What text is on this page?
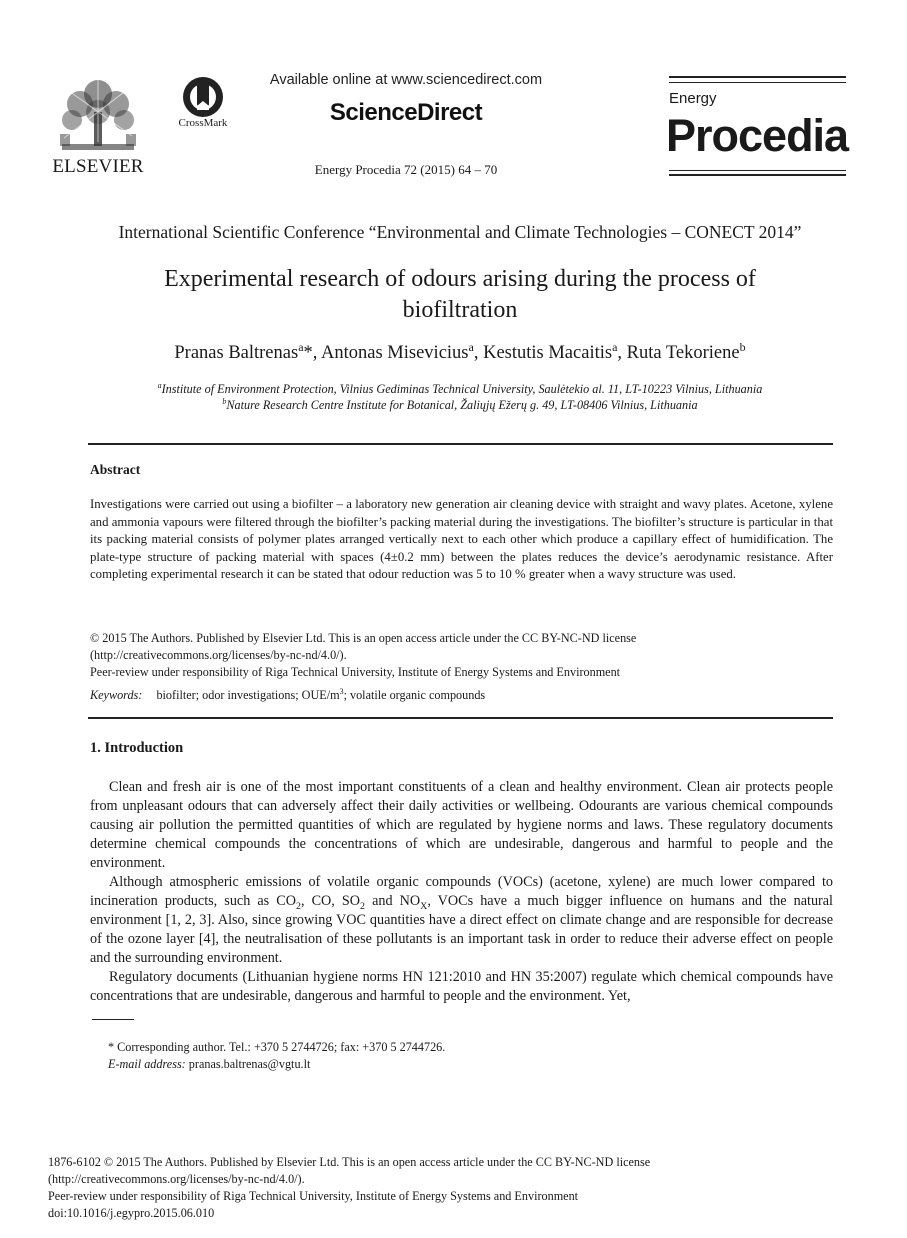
ELSEVIER
CrossMark
Available online at www.sciencedirect.com
ScienceDirect
Energy Procedia 72 (2015) 64 – 70
Energy
Procedia
International Scientific Conference “Environmental and Climate Technologies – CONECT 2014”
Experimental research of odours arising during the process of biofiltration
Pranas Baltrenas$^a$*, Antonas Misevicius$^a$, Kestutis Macaitis$^a$, Ruta Tekoriene$^b$
$^a$Institute of Environment Protection, Vilnius Gediminas Technical University, Saulėtekio al. 11, LT-10223 Vilnius, Lithuania
$^b$Nature Research Centre Institute for Botanical, Žaliųjų Ežerų g. 49, LT-08406 Vilnius, Lithuania
Abstract
Investigations were carried out using a biofilter – a laboratory new generation air cleaning device with straight and wavy plates. Acetone, xylene and ammonia vapours were filtered through the biofilter’s packing material during the investigations. The biofilter’s structure is particular in that its packing material consists of polymer plates arranged vertically next to each other which produce a capillary effect of humidification. The plate-type structure of packing material with spaces (4±0.2 mm) between the plates reduces the device’s aerodynamic resistance. After completing experimental research it can be stated that odour reduction was 5 to 10 % greater when a wavy structure was used.
© 2015 The Authors. Published by Elsevier Ltd. This is an open access article under the CC BY-NC-ND license
(http://creativecommons.org/licenses/by-nc-nd/4.0/).
Peer-review under responsibility of Riga Technical University, Institute of Energy Systems and Environment
Keywords: biofilter; odor investigations; OUE/$m^3$; volatile organic compounds
1. Introduction

Clean and fresh air is one of the most important constituents of a clean and healthy environment. Clean air protects people from unpleasant odours that can adversely affect their daily activities or wellbeing. Odourants are various chemical compounds causing air pollution the permitted quantities of which are regulated by hygiene norms and laws. These regulatory documents determine chemical compounds the concentrations of which are undesirable, dangerous and harmful to people and the environment.

Although atmospheric emissions of volatile organic compounds (VOCs) (acetone, xylene) are much lower compared to incineration products, such as $CO_2$, CO, $SO_2$ and $NO_X$, VOCs have a much bigger influence on humans and the natural environment [1, 2, 3]. Also, since growing VOC quantities have a direct effect on climate change and are responsible for decrease of the ozone layer [4], the neutralisation of these pollutants is an important task in order to reduce their adverse effect on people and the surrounding environment.

Regulatory documents (Lithuanian hygiene norms HN 121:2010 and HN 35:2007) regulate which chemical compounds have concentrations that are undesirable, dangerous and harmful to people and the environment. Yet,

* Corresponding author. Tel.: +370 5 2744726; fax: +370 5 2744726.
E-mail address: pranas.baltrenas@vgtu.lt
1876-6102 © 2015 The Authors. Published by Elsevier Ltd. This is an open access article under the CC BY-NC-ND license
(http://creativecommons.org/licenses/by-nc-nd/4.0/).
Peer-review under responsibility of Riga Technical University, Institute of Energy Systems and Environment
doi:10.1016/j.egypro.2015.06.010
